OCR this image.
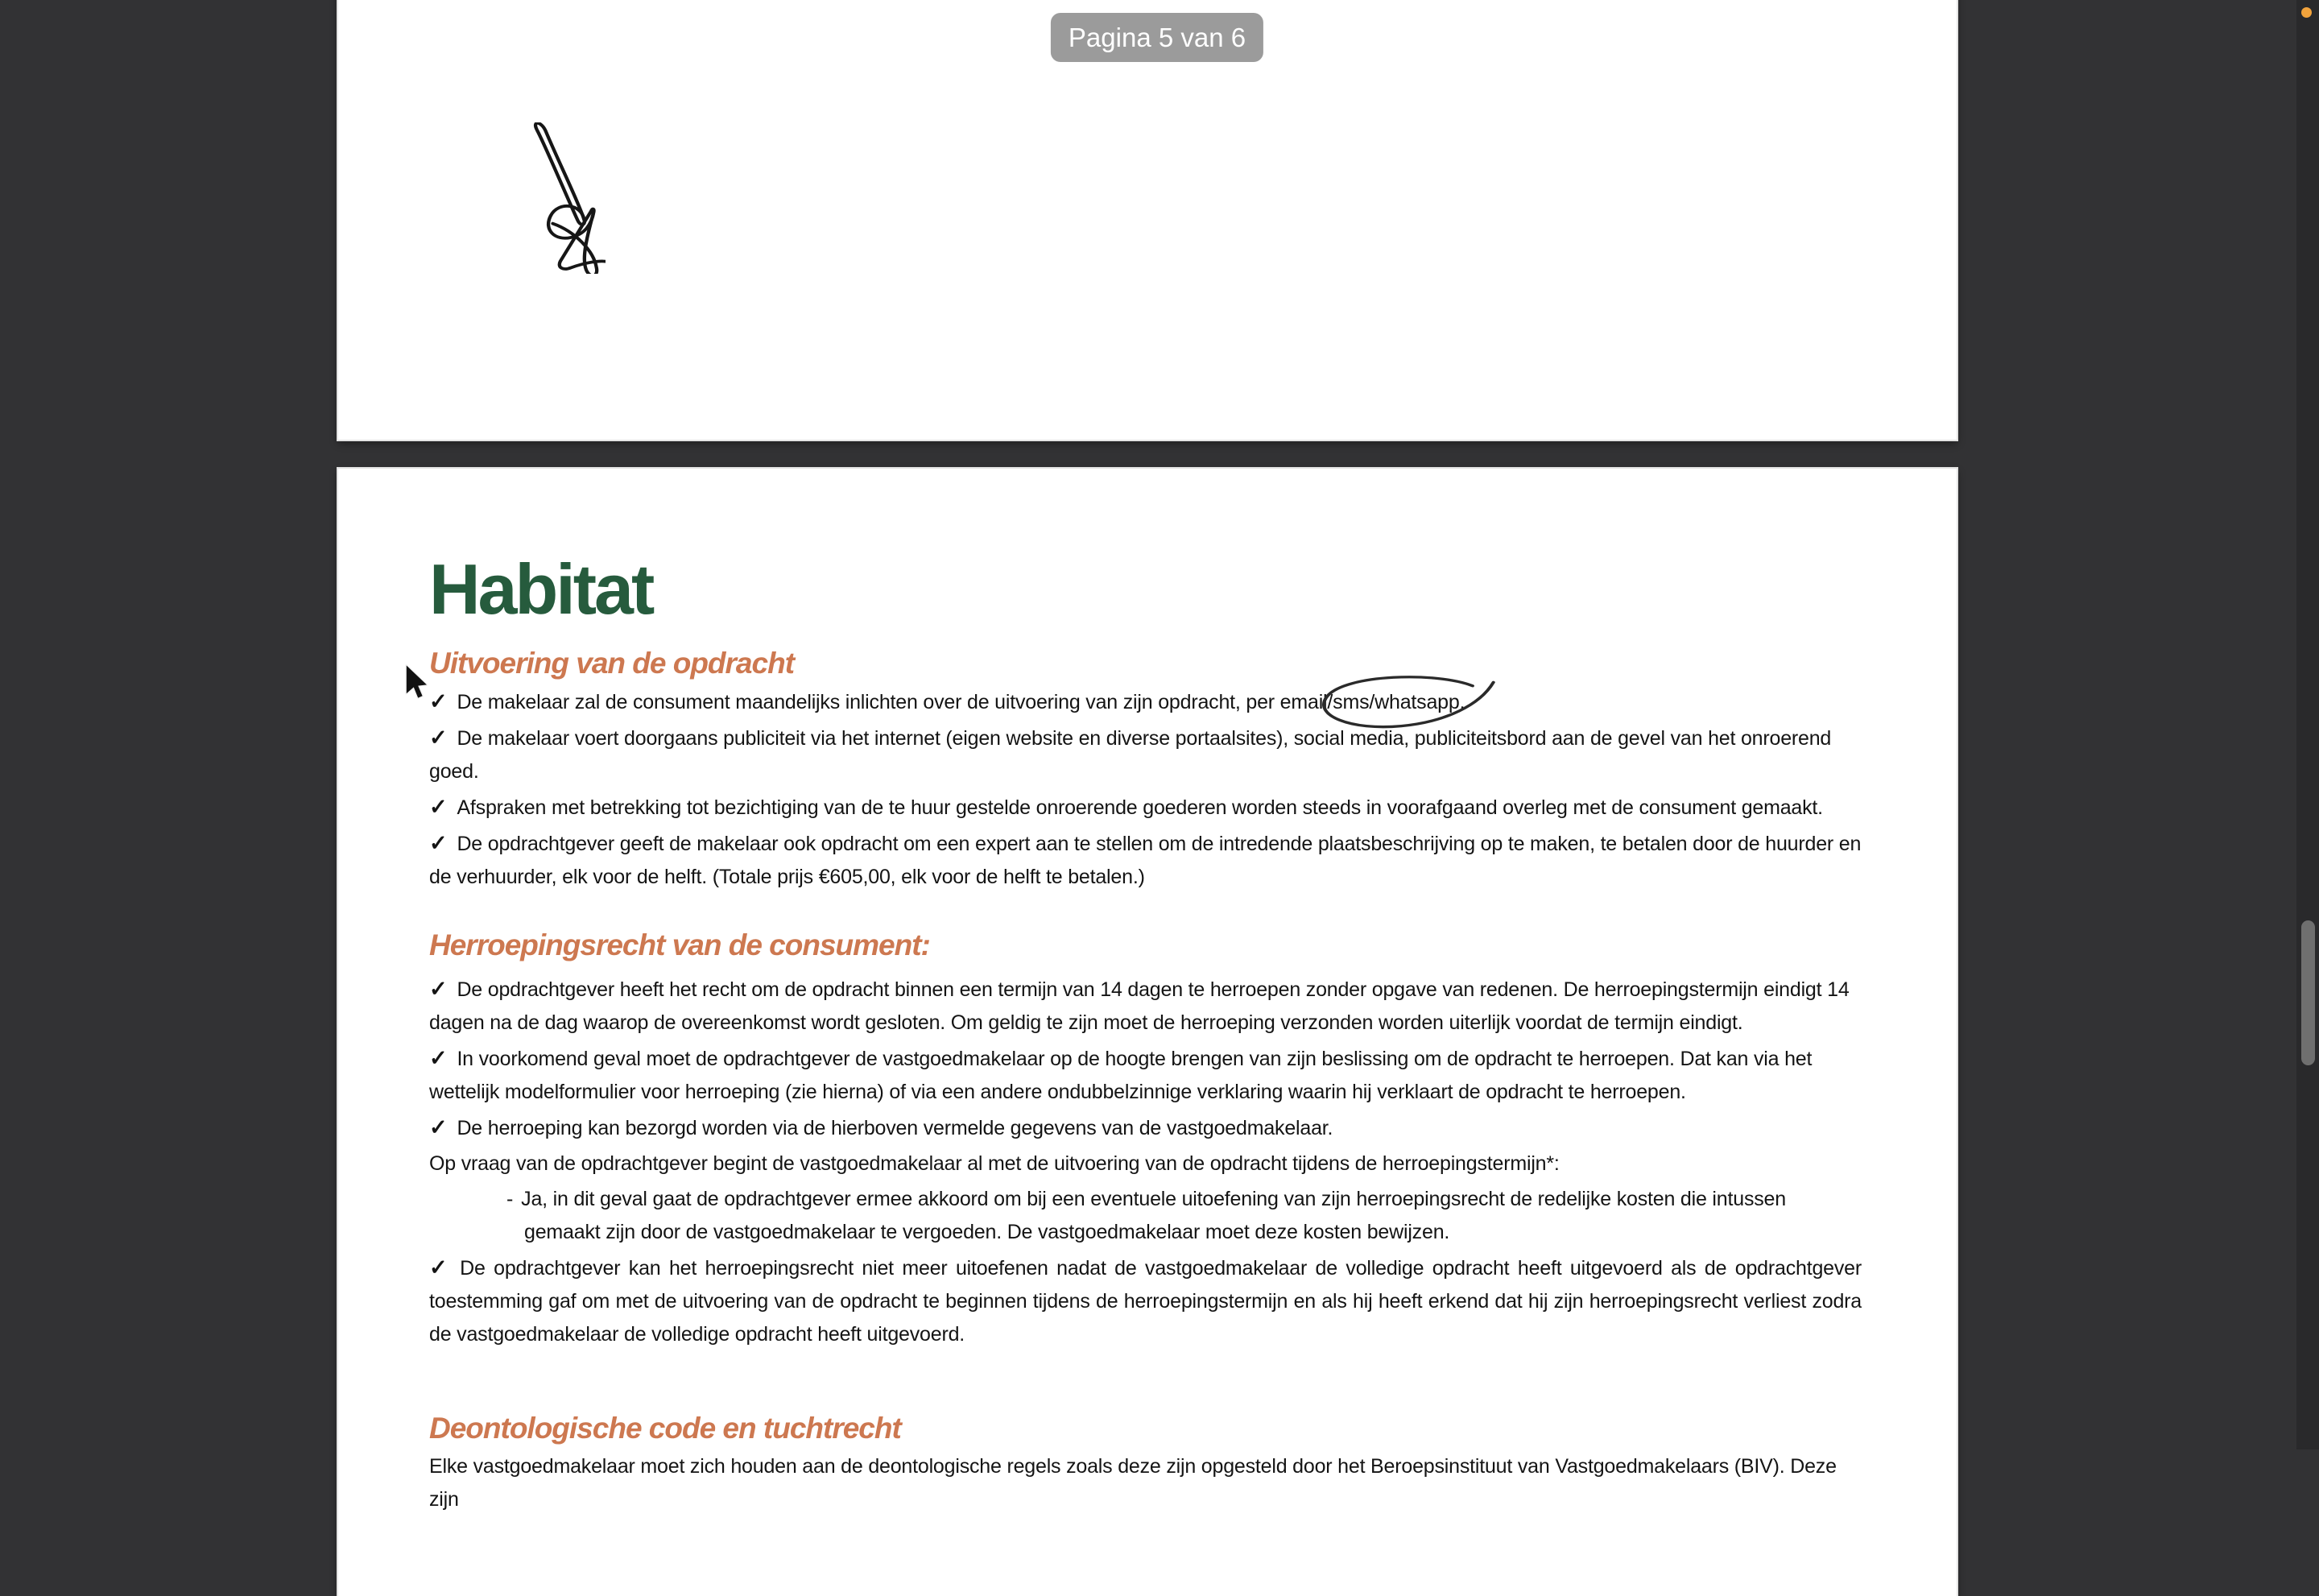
Habitat
Uitvoering van de opdracht

✓ De makelaar zal de consument maandelijks inlichten over de uitvoering van zijn opdracht, per email/
sms/whatsapp.

✓ De makelaar voert doorgaans publiciteit via het internet (eigen website en diverse portaalsites), social media, publiciteitsbord aan de gevel van het onroerend goed.

✓ Afspraken met betrekking tot bezichtiging van de te huur gestelde onroerende goederen worden steeds in voorafgaand overleg met de consument gemaakt.

✓ De opdrachtgever geeft de makelaar ook opdracht om een expert aan te stellen om de intredende plaatsbeschrijving op te maken, te betalen door de huurder en de verhuurder, elk voor de helft. (Totale prijs €605,00, elk voor de helft te betalen.)

Herroepingsrecht van de consument:

✓ De opdrachtgever heeft het recht om de opdracht binnen een termijn van 14 dagen te herroepen zonder opgave van redenen. De herroepingstermijn eindigt 14 dagen na de dag waarop de overeenkomst wordt gesloten. Om geldig te zijn moet de herroeping verzonden worden uiterlijk voordat de termijn eindigt.

✓ In voorkomend geval moet de opdrachtgever de vastgoedmakelaar op de hoogte brengen van zijn beslissing om de opdracht te herroepen. Dat kan via het wettelijk modelformulier voor herroeping (zie hierna) of via een andere ondubbelzinnige verklaring waarin hij verklaart de opdracht te herroepen.

✓ De herroeping kan bezorgd worden via de hierboven vermelde gegevens van de vastgoedmakelaar.

Op vraag van de opdrachtgever begint de vastgoedmakelaar al met de uitvoering van de opdracht tijdens de herroepingstermijn*:

- Ja, in dit geval gaat de opdrachtgever ermee akkoord om bij een eventuele uitoefening van zijn herroepingsrecht de redelijke kosten die intussen gemaakt zijn door de vastgoedmakelaar te vergoeden. De vastgoedmakelaar moet deze kosten bewijzen.

✓ De opdrachtgever kan het herroepingsrecht niet meer uitoefenen nadat de vastgoedmakelaar de volledige opdracht heeft uitgevoerd als de opdrachtgever toestemming gaf om met de uitvoering van de opdracht te beginnen tijdens de herroepingstermijn en als hij heeft erkend dat hij zijn herroepingsrecht verliest zodra de vastgoedmakelaar de volledige opdracht heeft uitgevoerd.

Deontologische code en tuchtrecht

Elke vastgoedmakelaar moet zich houden aan de deontologische regels zoals deze zijn opgesteld door het Beroepsinstituut van Vastgoedmakelaars (BIV). Deze zijn

Pagina 5 van 6
